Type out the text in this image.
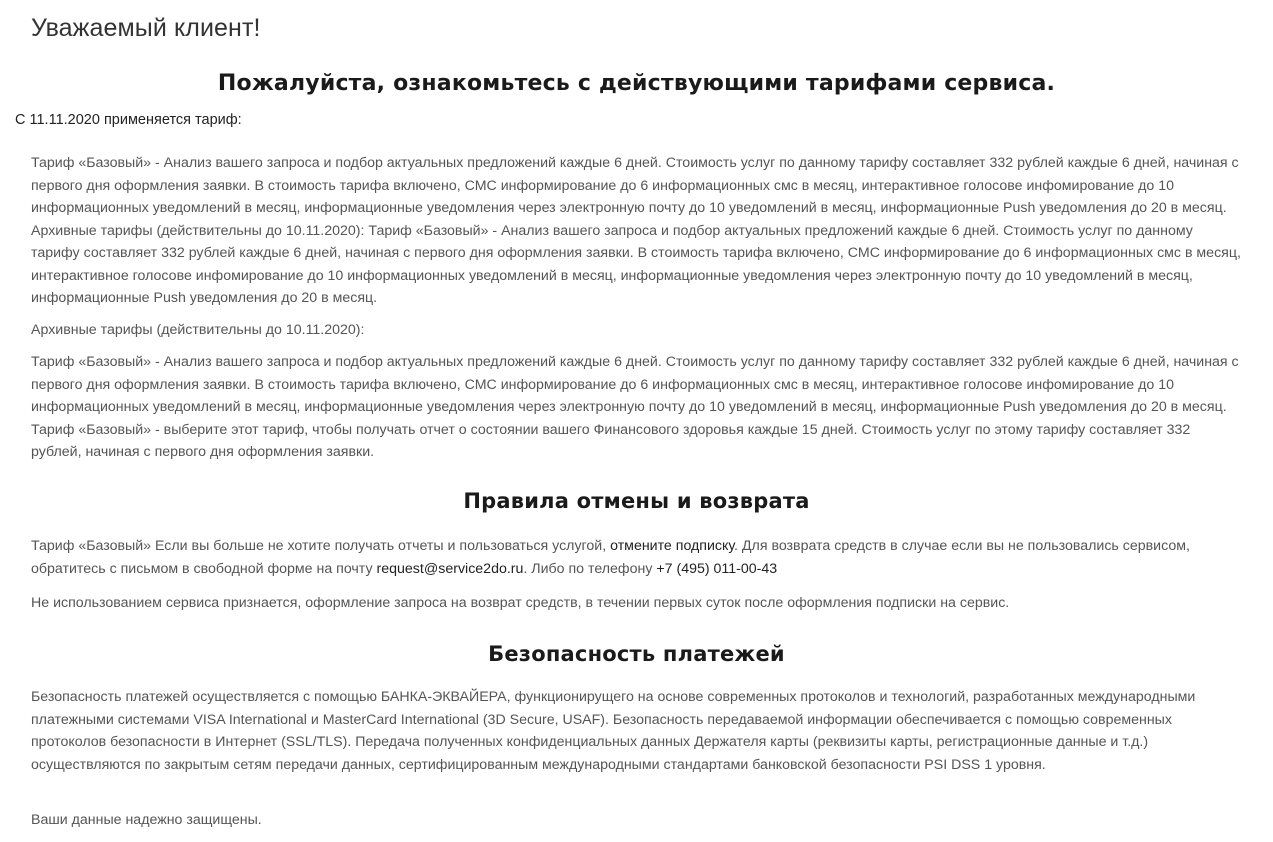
Уважаемый клиент!
Пожалуйста, ознакомьтесь с действующими тарифами сервиса.

С 11.11.2020 применяется тариф:

Тариф «Базовый» - Анализ вашего запроса и подбор актуальных предложений каждые 6 дней. Стоимость услуг по данному тарифу составляет 332 рублей каждые 6 дней, начиная с первого дня оформления заявки. В стоимость тарифа включено, СМС информирование до 6 информационных смс в месяц, интерактивное голосове инфомирование до 10 информационных уведомлений в месяц, информационные уведомления через электронную почту до 10 уведомлений в месяц, информационные Push уведомления до 20 в месяц. Архивные тарифы (действительны до 10.11.2020): Тариф «Базовый» - Анализ вашего запроса и подбор актуальных предложений каждые 6 дней. Стоимость услуг по данному тарифу составляет 332 рублей каждые 6 дней, начиная с первого дня оформления заявки. В стоимость тарифа включено, СМС информирование до 6 информационных смс в месяц, интерактивное голосове инфомирование до 10 информационных уведомлений в месяц, информационные уведомления через электронную почту до 10 уведомлений в месяц, информационные Push уведомления до 20 в месяц.

Архивные тарифы (действительны до 10.11.2020):

Тариф «Базовый» - Анализ вашего запроса и подбор актуальных предложений каждые 6 дней. Стоимость услуг по данному тарифу составляет 332 рублей каждые 6 дней, начиная с первого дня оформления заявки. В стоимость тарифа включено, СМС информирование до 6 информационных смс в месяц, интерактивное голосове инфомирование до 10 информационных уведомлений в месяц, информационные уведомления через электронную почту до 10 уведомлений в месяц, информационные Push уведомления до 20 в месяц. Тариф «Базовый» - выберите этот тариф, чтобы получать отчет о состоянии вашего Финансового здоровья каждые 15 дней. Стоимость услуг по этому тарифу составляет 332 рублей, начиная с первого дня оформления заявки.

Правила отмены и возврата

Тариф «Базовый» Если вы больше не хотите получать отчеты и пользоваться услугой, отмените подписку. Для возврата средств в случае если вы не пользовались сервисом, обратитесь с письмом в свободной форме на почту request@service2do.ru. Либо по телефону +7 (495) 011-00-43

Не использованием сервиса признается, оформление запроса на возврат средств, в течении первых суток после оформления подписки на сервис.

Безопасность платежей

Безопасность платежей осуществляется с помощью БАНКА-ЭКВАЙЕРА, функционирущего на основе современных протоколов и технологий, разработанных международными платежными системами VISA International и MasterCard International (3D Secure, USAF). Безопасность передаваемой информации обеспечивается с помощью современных протоколов безопасности в Интернет (SSL/TLS). Передача полученных конфиденциальных данных Держателя карты (реквизиты карты, регистрационные данные и т.д.) осуществляются по закрытым сетям передачи данных, сертифицированным международными стандартами банковской безопасности PSI DSS 1 уровня.

Ваши данные надежно защищены.
